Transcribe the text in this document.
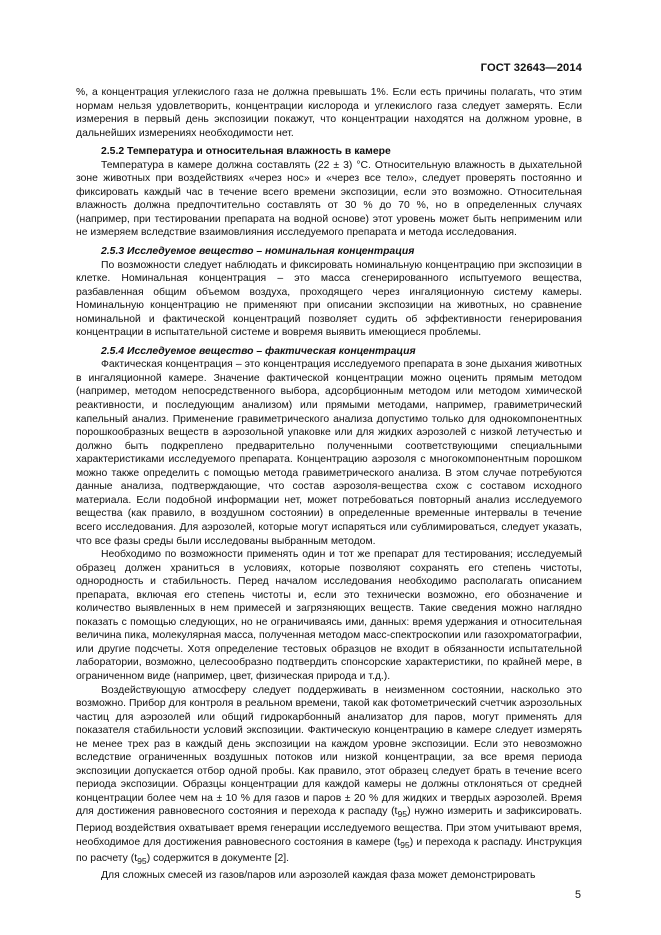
ГОСТ 32643—2014

%, а концентрация углекислого газа не должна превышать 1%. Если есть причины полагать, что этим нормам нельзя удовлетворить, концентрации кислорода и углекислого газа следует замерять. Если измерения в первый день экспозиции покажут, что концентрации находятся на должном уровне, в дальнейших измерениях необходимости нет.

2.5.2 Температура и относительная влажность в камере

Температура в камере должна составлять (22 ± 3) °С. Относительную влажность в дыхательной зоне животных при воздействиях «через нос» и «через все тело», следует проверять постоянно и фиксировать каждый час в течение всего времени экспозиции, если это возможно. Относительная влажность должна предпочтительно составлять от 30 % до 70 %, но в определенных случаях (например, при тестировании препарата на водной основе) этот уровень может быть неприменим или не измеряем вследствие взаимовлияния исследуемого препарата и метода исследования.

2.5.3 Исследуемое вещество – номинальная концентрация

По возможности следует наблюдать и фиксировать номинальную концентрацию при экспозиции в клетке. Номинальная концентрация – это масса сгенерированного испытуемого вещества, разбавленная общим объемом воздуха, проходящего через ингаляционную систему камеры. Номинальную концентрацию не применяют при описании экспозиции на животных, но сравнение номинальной и фактической концентраций позволяет судить об эффективности генерирования концентрации в испытательной системе и вовремя выявить имеющиеся проблемы.

2.5.4 Исследуемое вещество – фактическая концентрация

Фактическая концентрация – это концентрация исследуемого препарата в зоне дыхания животных в ингаляционной камере. Значение фактической концентрации можно оценить прямым методом (например, методом непосредственного выбора, адсорбционным методом или методом химической реактивности, и последующим анализом) или прямыми методами, например, гравиметрический капельный анализ. Применение гравиметрического анализа допустимо только для однокомпонентных порошкообразных веществ в аэрозольной упаковке или для жидких аэрозолей с низкой летучестью и должно быть подкреплено предварительно полученными соответствующими специальными характеристиками исследуемого препарата. Концентрацию аэрозоля с многокомпонентным порошком можно также определить с помощью метода гравиметрического анализа. В этом случае потребуются данные анализа, подтверждающие, что состав аэрозоля-вещества схож с составом исходного материала. Если подобной информации нет, может потребоваться повторный анализ исследуемого вещества (как правило, в воздушном состоянии) в определенные временные интервалы в течение всего исследования. Для аэрозолей, которые могут испаряться или сублимироваться, следует указать, что все фазы среды были исследованы выбранным методом.

Необходимо по возможности применять один и тот же препарат для тестирования; исследуемый образец должен храниться в условиях, которые позволяют сохранять его степень чистоты, однородность и стабильность. Перед началом исследования необходимо располагать описанием препарата, включая его степень чистоты и, если это технически возможно, его обозначение и количество выявленных в нем примесей и загрязняющих веществ. Такие сведения можно наглядно показать с помощью следующих, но не ограничиваясь ими, данных: время удержания и относительная величина пика, молекулярная масса, полученная методом масс-спектроскопии или газохроматографии, или другие подсчеты. Хотя определение тестовых образцов не входит в обязанности испытательной лаборатории, возможно, целесообразно подтвердить спонсорские характеристики, по крайней мере, в ограниченном виде (например, цвет, физическая природа и т.д.).

Воздействующую атмосферу следует поддерживать в неизменном состоянии, насколько это возможно. Прибор для контроля в реальном времени, такой как фотометрический счетчик аэрозольных частиц для аэрозолей или общий гидрокарбонный анализатор для паров, могут применять для показателя стабильности условий экспозиции. Фактическую концентрацию в камере следует измерять не менее трех раз в каждый день экспозиции на каждом уровне экспозиции. Если это невозможно вследствие ограниченных воздушных потоков или низкой концентрации, за все время периода экспозиции допускается отбор одной пробы. Как правило, этот образец следует брать в течение всего периода экспозиции. Образцы концентрации для каждой камеры не должны отклоняться от средней концентрации более чем на ± 10 % для газов и паров ± 20 % для жидких и твердых аэрозолей. Время для достижения равновесного состояния и перехода к распаду $(t_{95})$ нужно измерить и зафиксировать. Период воздействия охватывает время генерации исследуемого вещества. При этом учитывают время, необходимое для достижения равновесного состояния в камере $(t_{95})$ и перехода к распаду. Инструкция по расчету $(t_{95})$ содержится в документе [2].

Для сложных смесей из газов/паров или аэрозолей каждая фаза может демонстрировать

5
